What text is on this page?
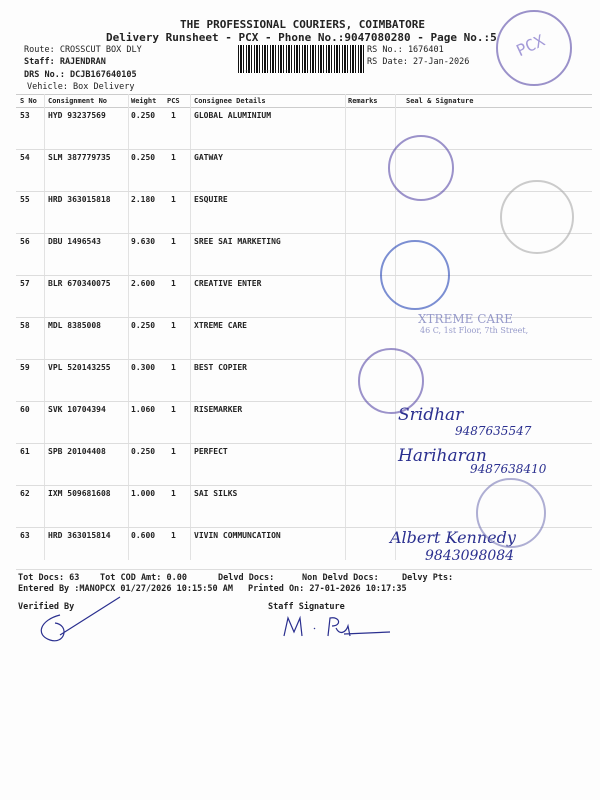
THE PROFESSIONAL COURIERS, COIMBATORE
Delivery Runsheet - PCX - Phone No.:9047080280 - Page No.:5
Route: CROSSCUT BOX DLY
Staff: RAJENDRAN
DRS No.: DCJB167640105
Vehicle: Box Delivery
RS No.: 1676401
RS Date: 27-Jan-2026
PCX
S No Consignment No	Weight PCS Consignee Details	Remarks	Seal & Signature
53 HYD 93237569	0.250 1 GLOBAL ALUMINIUM
54 SLM 387779735	0.250 1 GATWAY
55 HRD 363015818	2.180 1 ESQUIRE
56 DBU 1496543	9.630 1 SREE SAI MARKETING
57 BLR 670340075	2.600 1 CREATIVE ENTER
58 MDL 8385008	0.250 1 XTREME CARE
59 VPL 520143255	0.300 1 BEST COPIER
60 SVK 10704394	1.060 1 RISEMARKER
61 SPB 20104408	0.250 1 PERFECT
62 IXM 509681608	1.000 1 SAI SILKS
63 HRD 363015814	0.600 1 VIVIN COMMUNCATION
Sridhar
9487635547
Hariharan
9487638410
Albert Kennedy
9843098084
XTREME CARE
46 C, 1st Floor, 7th Street,
Tot Docs: 63 Tot COD Amt: 0.00	Delvd Docs:	Non Delvd Docs:	Delvy Pts:
Entered By :MANOPCX 01/27/2026 10:15:50 AM Printed On: 27-01-2026 10:17:35
Verified By	Staff Signature
